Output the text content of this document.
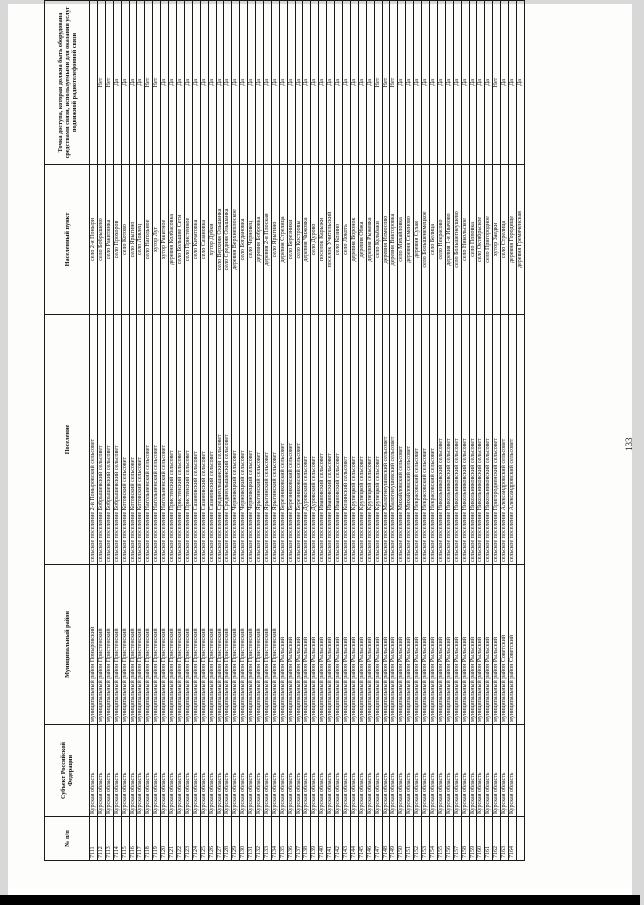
№ п/п	Субъект Российской Федерации	Муниципальный район	Поселение	Населенный пункт	Точка доступа, которая должна быть оборудована средствами связи, используемыми для оказания услуг подвижной радиотелефонной связи
7111	Курская область	муниципальный район Поныровский	сельское поселение 2-й Поныровский сельсовет	село 2-я Поныри	
7112	Курская область	муниципальный район Пристенский	сельское поселение Бобрышевский сельсовет	село Бобрышево	Нет
7113	Курская область	муниципальный район Пристенский	сельское поселение Бобрышевский сельсовет	село Ракитинка	Нет
7114	Курская область	муниципальный район Пристенский	сельское поселение Бобрышевский сельсовет	село Прохоров	Да
7115	Курская область	муниципальный район Пристенский	сельское поселение Котовский сельсовет	село Котово	Да
7116	Курская область	муниципальный район Пристенский	сельское поселение Котовский сельсовет	село Ярыгино	Да
7117	Курская область	муниципальный район Пристенский	сельское поселение Котовский сельсовет	село Ловлец	Да
7118	Курская область	муниципальный район Пристенский	сельское поселение Нагольненский сельсовет	село Нагольное	Нет
7119	Курская область	муниципальный район Пристенский	сельское поселение Нагольненский сельсовет	хутор Луг	Нет
7120	Курская область	муниципальный район Пристенский	сельское поселение Нагольненский сельсовет	хутор Ракитное	Да
7121	Курская область	муниципальный район Пристенский	сельское поселение Пристенский сельсовет	деревня Колбасовка	Да
7122	Курская область	муниципальный район Пристенский	сельское поселение Пристенский сельсовет	село Большие Сети	Да
7123	Курская область	муниципальный район Пристенский	сельское поселение Пристенский сельсовет	село Пристенное	Да
7124	Курская область	муниципальный район Пристенский	сельское поселение Сазановский сельсовет	село Кичатовка	Да
7125	Курская область	муниципальный район Пристенский	сельское поселение Сазановский сельсовет	село Сазановка	Да
7126	Курская область	муниципальный район Пристенский	сельское поселение Сазановский сельсовет	хутор Дубки	Да
7127	Курская область	муниципальный район Пристенский	сельское поселение Среднеольшанский сельсовет	село Верхняя Ольшанка	Да
7128	Курская область	муниципальный район Пристенский	сельское поселение Среднеольшанский сельсовет	село Средняя Ольшанка	Да
7129	Курская область	муниципальный район Пристенский	сельское поселение Черновецкий сельсовет	деревня Верхнеплоское	Да
7130	Курская область	муниципальный район Пристенский	сельское поселение Черновецкий сельсовет	село Богдановка	Да
7131	Курская область	муниципальный район Пристенский	сельское поселение Черновецкий сельсовет	село Черновец	Да
7132	Курская область	муниципальный район Пристенский	сельское поселение Ярыгинский сельсовет	деревня Бобровка	Да
7133	Курская область	муниципальный район Пристенский	сельское поселение Ярыгинский сельсовет	деревня 2-я Плоская	Да
7134	Курская область	муниципальный район Пристенский	сельское поселение Ярыгинский сельсовет	село Ярыгино	Да
7135	Курская область	муниципальный район Рыльский	сельское поселение Березниковский сельсовет	деревня Стрелица	Да
7136	Курская область	муниципальный район Рыльский	сельское поселение Березниковский сельсовет	село Березники	Да
7137	Курская область	муниципальный район Рыльский	сельское поселение Березниковский сельсовет	село Костровы	Да
7138	Курская область	муниципальный район Рыльский	сельское поселение Дуровский сельсовет	деревня Чижовка	Да
7139	Курская область	муниципальный район Рыльский	сельское поселение Дуровский сельсовет	село Дурово	Да
7140	Курская область	муниципальный район Рыльский	сельское поселение Ивановский сельсовет	поселок Карыжи	Да
7141	Курская область	муниципальный район Рыльский	сельское поселение Ивановский сельсовет	поселок Учительский	Да
7142	Курская область	муниципальный район Рыльский	сельское поселение Ивановский сельсовет	село Козино	Да
7143	Курская область	муниципальный район Рыльский	сельское поселение Козинский сельсовет	село Локоть	Да
7144	Курская область	муниципальный район Рыльский	сельское поселение Крупецкой сельсовет	деревня Воронок	Да
7145	Курская область	муниципальный район Рыльский	сельское поселение Крупецкой сельсовет	деревня Обжа	Да
7146	Курская область	муниципальный район Рыльский	сельское поселение Крупецкой сельсовет	деревня Рыжевка	Да
7147	Курская область	муниципальный район Рыльский	сельское поселение Крупецкой сельсовет	село Кульбаки	Нет
7148	Курская область	муниципальный район Рыльский	сельское поселение Малогнеушевский сельсовет	деревня Илмосово	Нет
7149	Курская область	муниципальный район Рыльский	сельское поселение Малогнеушевский сельсовет	деревня Викторовка	Нет
7150	Курская область	муниципальный район Рыльский	сельское поселение Михайловский сельсовет	село Михайловка	Да
7151	Курская область	муниципальный район Рыльский	сельское поселение Михайловский сельсовет	деревня Семеново	Да
7152	Курская область	муниципальный район Рыльский	сельское поселение Некрасовский сельсовет	деревня Сухая	Да
7153	Курская область	муниципальный район Рыльский	сельское поселение Некрасовский сельсовет	село Большенемецкое	Да
7154	Курская область	муниципальный район Рыльский	сельское поселение Некрасовский сельсовет	село Белица	Да
7155	Курская область	муниципальный район Рыльский	сельское поселение Никольниковский сельсовет	село Некрасово	Да
7156	Курская область	муниципальный район Рыльский	сельское поселение Никольниковский сельсовет	деревня 1-я Ивачово	Да
7157	Курская область	муниципальный район Рыльский	сельское поселение Никольниковский сельсовет	село Большегнеушево	Да
7158	Курская область	муниципальный район Рыльский	сельское поселение Никольниковский сельсовет	село Никольское	Да
7159	Курская область	муниципальный район Рыльский	сельское поселение Никольниковский сельсовет	село Поповка	Да
7160	Курская область	муниципальный район Рыльский	сельское поселение Никольниковский сельсовет	село Октябрьское	Да
7161	Курская область	муниципальный район Рыльский	сельское поселение Никольниковский сельсовет	село Пригородное	Да
7162	Курская область	муниципальный район Рыльский	сельское поселение Пригородненский сельсовет	хутор Заедки	Нет
7163	Курская область	муниципальный район Советский	сельское поселение Александровский сельсовет	село Стрелица	Да
7164	Курская область	муниципальный район Советский	сельское поселение Александровский сельсовет	деревня Городище	Да
				деревня Гремяченская	Да
133
